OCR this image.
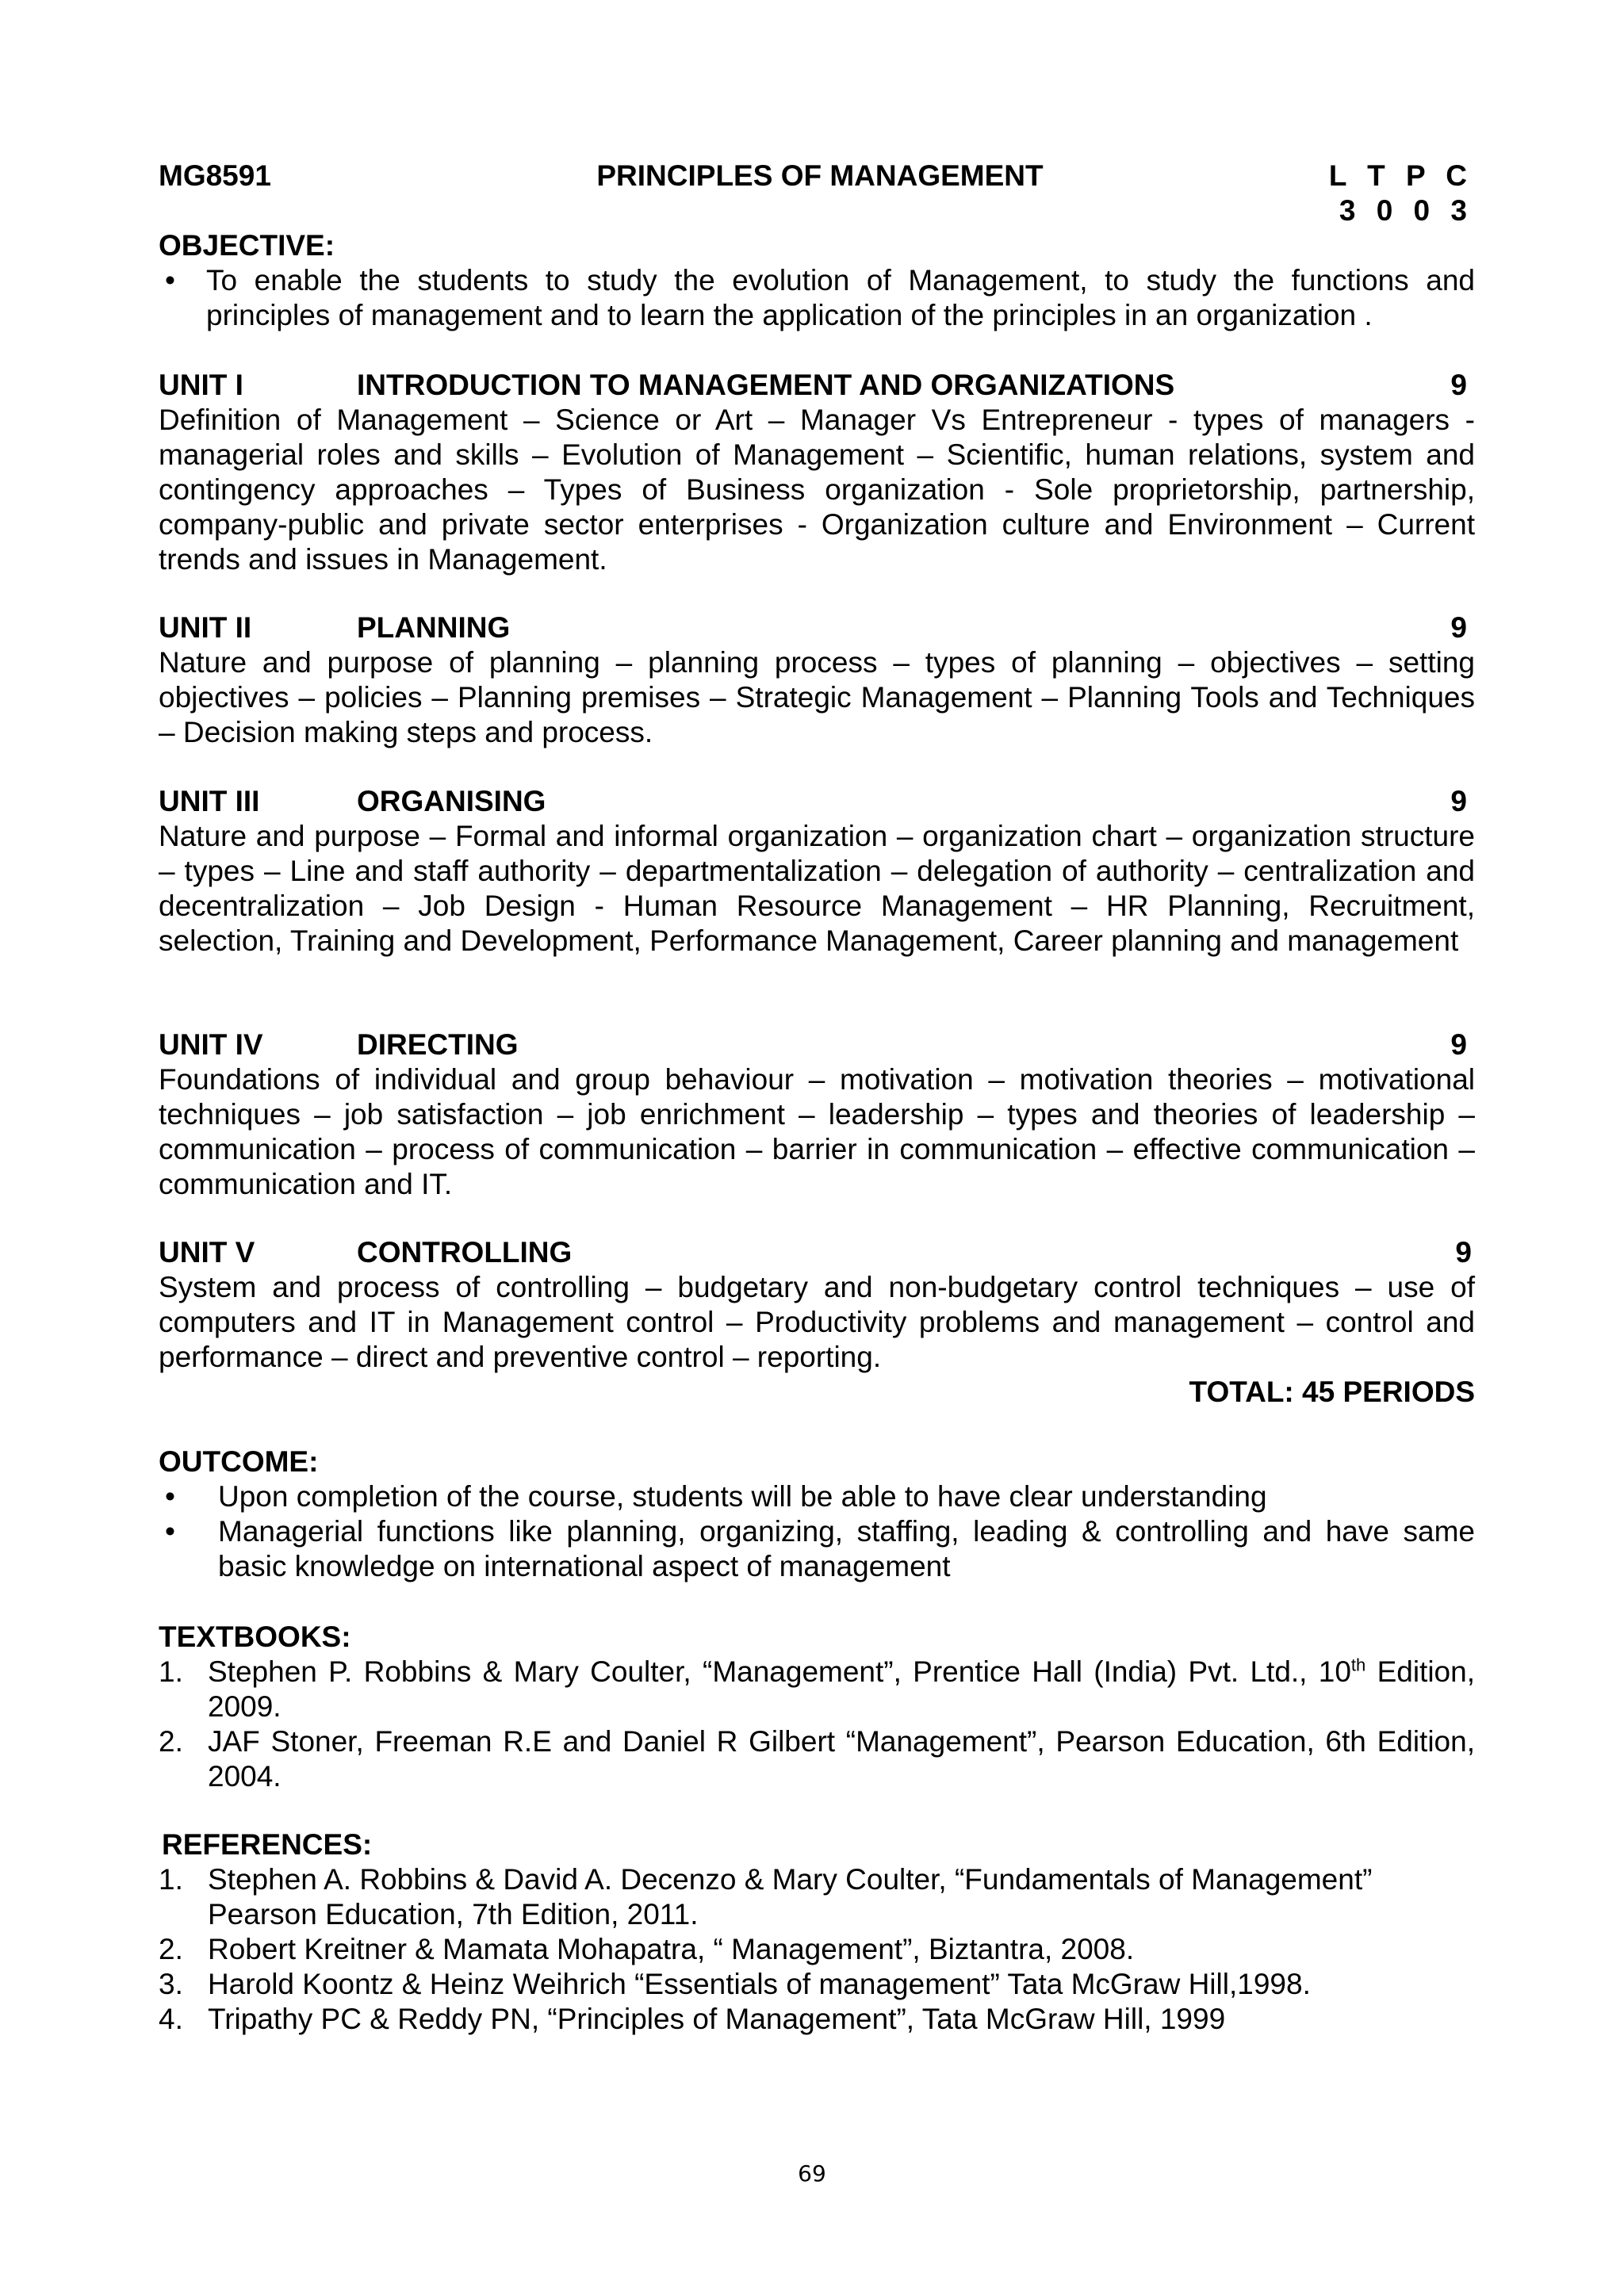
MG8591	PRINCIPLES OF MANAGEMENT	L T P C
3 0 0 3
OBJECTIVE:
• To enable the students to study the evolution of Management, to study the functions and principles of management and to learn the application of the principles in an organization .
UNIT I	INTRODUCTION TO MANAGEMENT AND ORGANIZATIONS	9
Definition of Management – Science or Art – Manager Vs Entrepreneur - types of managers - managerial roles and skills – Evolution of Management – Scientific, human relations, system and contingency approaches – Types of Business organization - Sole proprietorship, partnership, company-public and private sector enterprises - Organization culture and Environment – Current trends and issues in Management.
UNIT II	PLANNING	9
Nature and purpose of planning – planning process – types of planning – objectives – setting objectives – policies – Planning premises – Strategic Management – Planning Tools and Techniques – Decision making steps and process.
UNIT III	ORGANISING	9
Nature and purpose – Formal and informal organization – organization chart – organization structure – types – Line and staff authority – departmentalization – delegation of authority – centralization and decentralization – Job Design - Human Resource Management – HR Planning, Recruitment, selection, Training and Development, Performance Management, Career planning and management
UNIT IV	DIRECTING	9
Foundations of individual and group behaviour – motivation – motivation theories – motivational techniques – job satisfaction – job enrichment – leadership – types and theories of leadership – communication – process of communication – barrier in communication – effective communication –communication and IT.
UNIT V	CONTROLLING	9
System and process of controlling – budgetary and non-budgetary control techniques – use of computers and IT in Management control – Productivity problems and management – control and performance – direct and preventive control – reporting.
TOTAL: 45 PERIODS
OUTCOME:
• Upon completion of the course, students will be able to have clear understanding
• Managerial functions like planning, organizing, staffing, leading & controlling and have same basic knowledge on international aspect of management
TEXTBOOKS:
1. Stephen P. Robbins & Mary Coulter, “Management”, Prentice Hall (India) Pvt. Ltd., 10th Edition, 2009.
2. JAF Stoner, Freeman R.E and Daniel R Gilbert “Management”, Pearson Education, 6th Edition, 2004.
REFERENCES:
1. Stephen A. Robbins & David A. Decenzo & Mary Coulter, “Fundamentals of Management” Pearson Education, 7th Edition, 2011.
2. Robert Kreitner & Mamata Mohapatra, “ Management”, Biztantra, 2008.
3. Harold Koontz & Heinz Weihrich “Essentials of management” Tata McGraw Hill,1998.
4. Tripathy PC & Reddy PN, “Principles of Management”, Tata McGraw Hill, 1999
69
